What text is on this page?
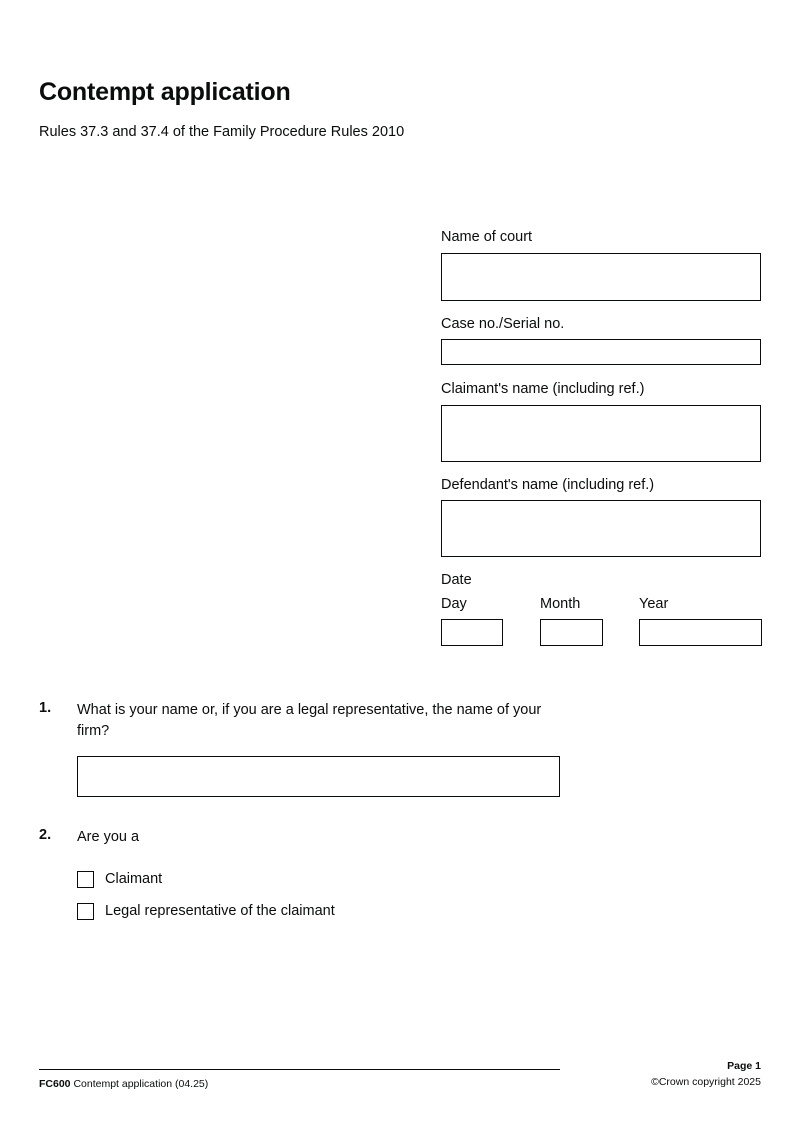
Contempt application

Rules 37.3 and 37.4 of the Family Procedure Rules 2010

Name of court
Case no./Serial no.
Claimant's name (including ref.)
Defendant's name (including ref.)

Date

Day	Month	Year
1.	What is your name or, if you are a legal representative, the name of your firm?

2.	Are you a

Claimant
Legal representative of the claimant
FC600 Contempt application (04.25)
Page 1
©Crown copyright 2025
